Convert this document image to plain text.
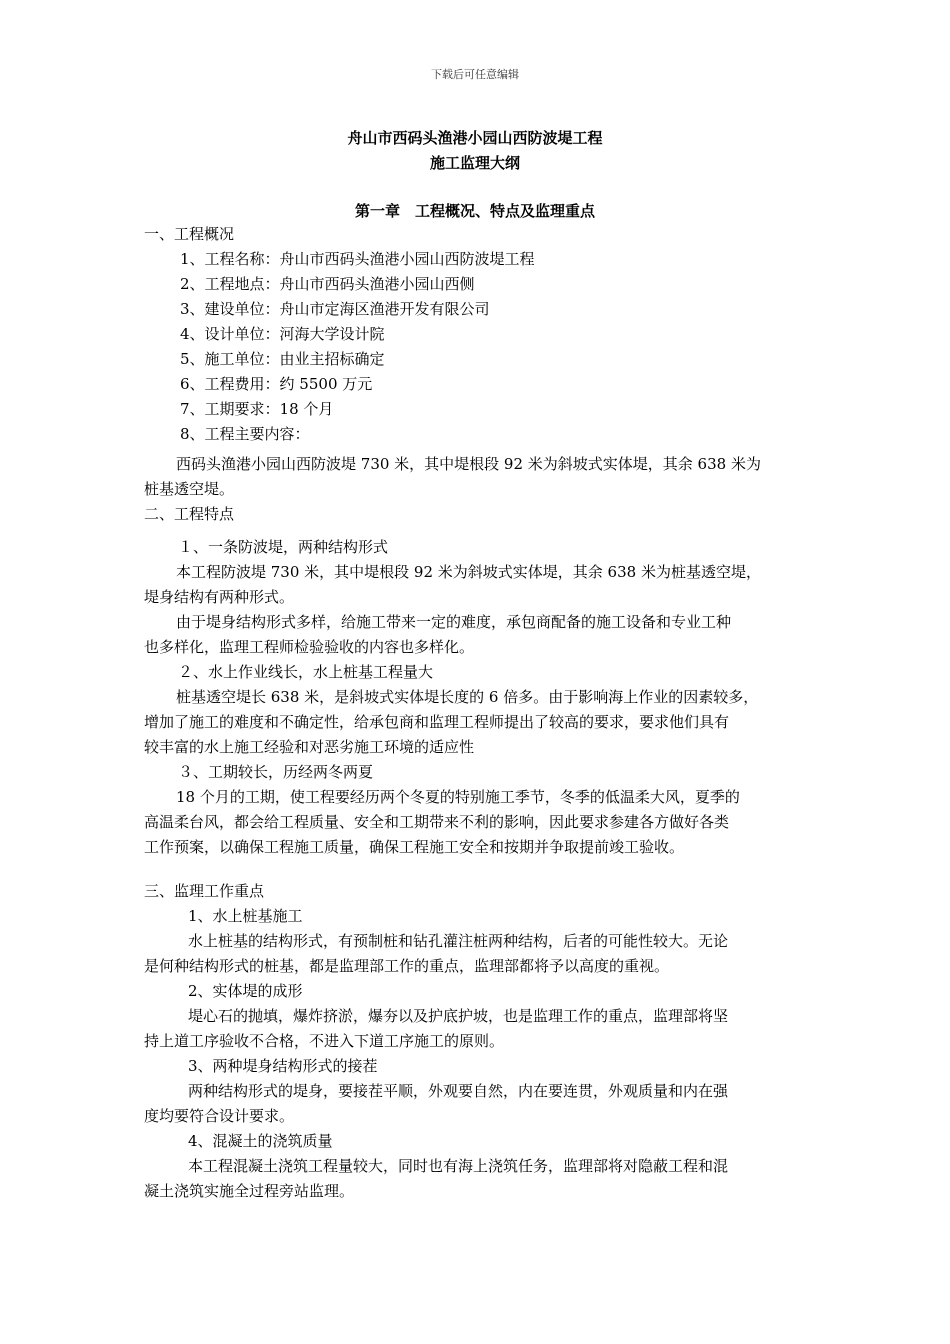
下载后可任意编辑
舟山市西码头渔港小园山西防波堤工程
施工监理大纲
第一章　工程概况、特点及监理重点
一、工程概况
1、工程名称：舟山市西码头渔港小园山西防波堤工程
2、工程地点：舟山市西码头渔港小园山西侧
3、建设单位：舟山市定海区渔港开发有限公司
4、设计单位：河海大学设计院
5、施工单位：由业主招标确定
6、工程费用：约 5500 万元
7、工期要求：18 个月
8、工程主要内容：
西码头渔港小园山西防波堤 730 米，其中堤根段 92 米为斜坡式实体堤，其余 638 米为
桩基透空堤。
二、工程特点
１、一条防波堤，两种结构形式
本工程防波堤 730 米，其中堤根段 92 米为斜坡式实体堤，其余 638 米为桩基透空堤，
堤身结构有两种形式。
由于堤身结构形式多样，给施工带来一定的难度，承包商配备的施工设备和专业工种
也多样化，监理工程师检验验收的内容也多样化。
２、水上作业线长，水上桩基工程量大
桩基透空堤长 638 米，是斜坡式实体堤长度的 6 倍多。由于影响海上作业的因素较多，
增加了施工的难度和不确定性，给承包商和监理工程师提出了较高的要求，要求他们具有
较丰富的水上施工经验和对恶劣施工环境的适应性
３、工期较长，历经两冬两夏
18 个月的工期，使工程要经历两个冬夏的特别施工季节，冬季的低温柔大风，夏季的
高温柔台风，都会给工程质量、安全和工期带来不利的影响，因此要求参建各方做好各类
工作预案，以确保工程施工质量，确保工程施工安全和按期并争取提前竣工验收。
三、监理工作重点
1、水上桩基施工
水上桩基的结构形式，有预制桩和钻孔灌注桩两种结构，后者的可能性较大。无论
是何种结构形式的桩基，都是监理部工作的重点，监理部都将予以高度的重视。
2、实体堤的成形
堤心石的抛填，爆炸挤淤，爆夯以及护底护坡，也是监理工作的重点，监理部将坚
持上道工序验收不合格，不进入下道工序施工的原则。
3、两种堤身结构形式的接茬
两种结构形式的堤身，要接茬平顺，外观要自然，内在要连贯，外观质量和内在强
度均要符合设计要求。
4、混凝土的浇筑质量
本工程混凝土浇筑工程量较大，同时也有海上浇筑任务，监理部将对隐蔽工程和混
凝土浇筑实施全过程旁站监理。
